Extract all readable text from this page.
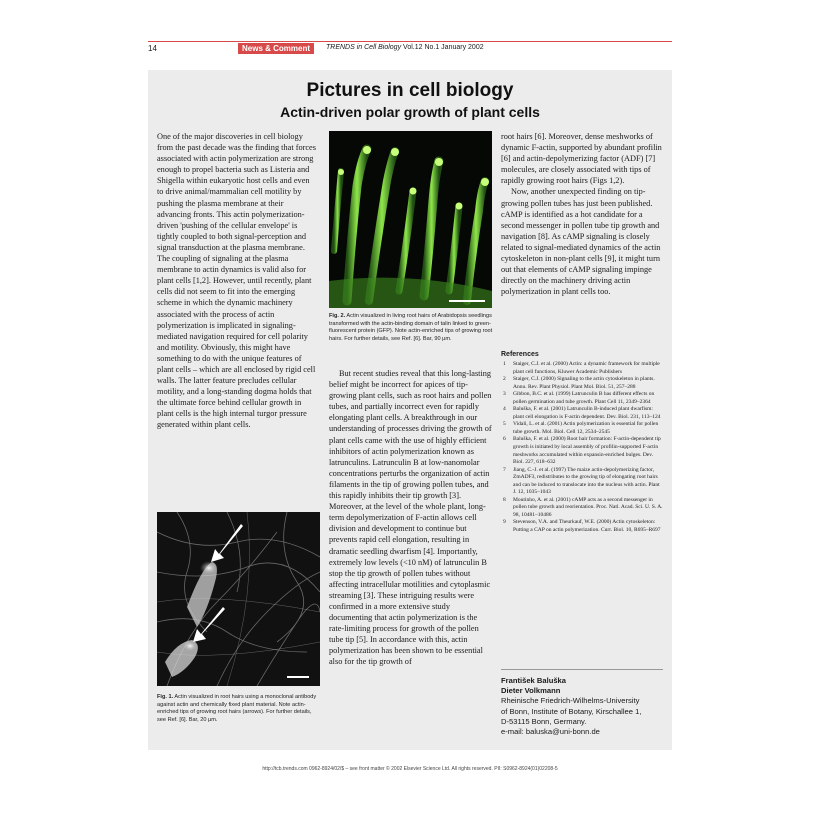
14	News & Comment	TRENDS in Cell Biology Vol.12 No.1 January 2002
Pictures in cell biology
Actin-driven polar growth of plant cells

One of the major discoveries in cell biology from the past decade was the finding that forces associated with actin polymerization are strong enough to propel bacteria such as Listeria and Shigella within eukaryotic host cells and even to drive animal/mammalian cell motility by pushing the plasma membrane at their advancing fronts. This actin polymerization-driven 'pushing of the cellular envelope' is tightly coupled to both signal-perception and signal transduction at the plasma membrane. The coupling of signaling at the plasma membrane to actin dynamics is valid also for plant cells [1,2]. However, until recently, plant cells did not seem to fit into the emerging scheme in which the dynamic machinery associated with the process of actin polymerization is implicated in signaling-mediated navigation required for cell polarity and motility. Obviously, this might have something to do with the unique features of plant cells – which are all enclosed by rigid cell walls. The latter feature precludes cellular motility, and a long-standing dogma holds that the ultimate force behind cellular growth in plant cells is the high internal turgor pressure generated within plant cells.

Fig. 1. Actin visualized in root hairs using a monoclonal antibody against actin and chemically fixed plant material. Note actin-enriched tips of growing root hairs (arrows). For further details, see Ref. [6]. Bar, 20 µm.
Fig. 2. Actin visualized in living root hairs of Arabidopsis seedlings transformed with the actin-binding domain of talin linked to green-fluorescent protein (GFP). Note actin-enriched tips of growing root hairs. For further details, see Ref. [6]. Bar, 90 µm.

But recent studies reveal that this long-lasting belief might be incorrect for apices of tip-growing plant cells, such as root hairs and pollen tubes, and partially incorrect even for rapidly elongating plant cells. A breakthrough in our understanding of processes driving the growth of plant cells came with the use of highly efficient inhibitors of actin polymerization known as latrunculins. Latrunculin B at low-nanomolar concentrations perturbs the organization of actin filaments in the tip of growing pollen tubes, and this rapidly inhibits their tip growth [3]. Moreover, at the level of the whole plant, long-term depolymerization of F-actin allows cell division and development to continue but prevents rapid cell elongation, resulting in dramatic seedling dwarfism [4]. Importantly, extremely low levels (<10 nM) of latrunculin B stop the tip growth of pollen tubes without affecting intracellular motilities and cytoplasmic streaming [3]. These intriguing results were confirmed in a more extensive study documenting that actin polymerization is the rate-limiting process for growth of the pollen tube tip [5]. In accordance with this, actin polymerization has been shown to be essential also for the tip growth of

root hairs [6]. Moreover, dense meshworks of dynamic F-actin, supported by abundant profilin [6] and actin-depolymerizing factor (ADF) [7] molecules, are closely associated with tips of rapidly growing root hairs (Figs 1,2).

Now, another unexpected finding on tip-growing pollen tubes has just been published. cAMP is identified as a hot candidate for a second messenger in pollen tube tip growth and navigation [8]. As cAMP signaling is closely related to signal-mediated dynamics of the actin cytoskeleton in non-plant cells [9], it might turn out that elements of cAMP signaling impinge directly on the machinery driving actin polymerization in plant cells too.

References
1 Staiger, C.J. et al. (2000) Actin: a dynamic framework for multiple plant cell functions, Kluwer Academic Publishers
2 Staiger, C.J. (2000) Signaling to the actin cytoskeleton in plants. Annu. Rev. Plant Physiol. Plant Mol. Biol. 51, 257–288
3 Gibbon, B.C. et al. (1999) Latrunculin B has different effects on pollen germination and tube growth. Plant Cell 11, 2349–2364
4 Baluška, F. et al. (2001) Latrunculin B-induced plant dwarfism: plant cell elongation is F-actin dependent. Dev. Biol. 231, 113–124
5 Vidali, L. et al. (2001) Actin polymerization is essential for pollen tube growth. Mol. Biol. Cell 12, 2534–2545
6 Baluška, F. et al. (2000) Root hair formation: F-actin-dependent tip growth is initiated by local assembly of profilin-supported F-actin meshworks accumulated within expansin-enriched bulges. Dev. Biol. 227, 618–632
7 Jiang, C.-J. et al. (1997) The maize actin-depolymerizing factor, ZmADF3, redistributes to the growing tip of elongating root hairs and can be induced to translocate into the nucleus with actin. Plant J. 12, 1035–1043
8 Moutinho, A. et al. (2001) cAMP acts as a second messenger in pollen tube growth and reorientation. Proc. Natl. Acad. Sci. U. S. A. 98, 10481–10486
9 Stevenson, V.A. and Theurkauf, W.E. (2000) Actin cytoskeleton: Putting a CAP on actin polymerization. Curr. Biol. 10, R695–R697
František Baluška
Dieter Volkmann
Rheinische Friedrich-Wilhelms-University
of Bonn, Institute of Botany, Kirschallee 1,
D-53115 Bonn, Germany.
e-mail: baluska@uni-bonn.de
http://tcb.trends.com 0962-8924/02/$ – see front matter © 2002 Elsevier Science Ltd. All rights reserved. PII: S0962-8924(01)02208-5
